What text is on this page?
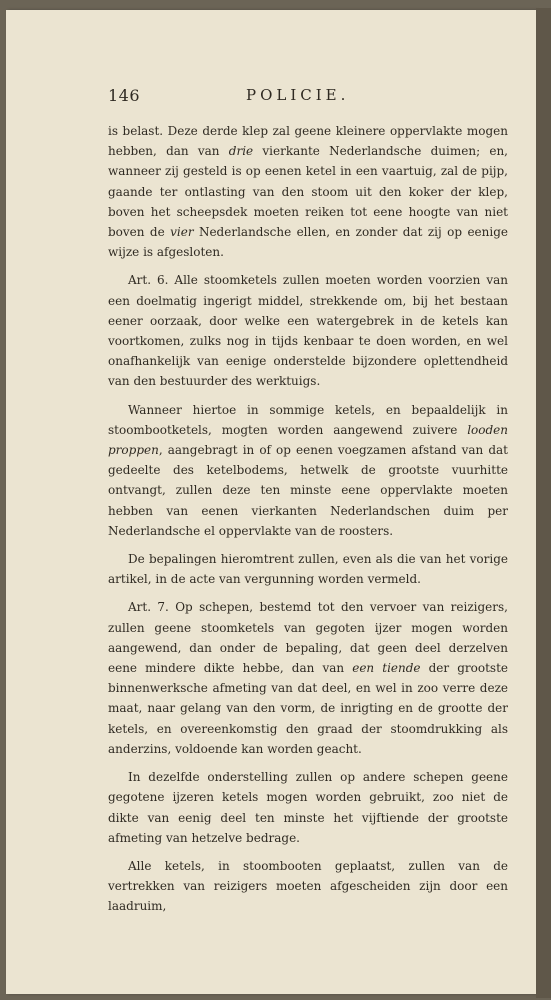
146	POLICIE.

is belast. Deze derde klep zal geene kleinere oppervlakte mogen hebben, dan van drie vierkante Nederlandsche duimen; en, wanneer zij gesteld is op eenen ketel in een vaartuig, zal de pijp, gaande ter ontlasting van den stoom uit den koker der klep, boven het scheepsdek moeten reiken tot eene hoogte van niet boven de vier Nederlandsche ellen, en zonder dat zij op eenige wijze is afgesloten.

Art. 6. Alle stoomketels zullen moeten worden voorzien van een doelmatig ingerigt middel, strekkende om, bij het bestaan eener oorzaak, door welke een watergebrek in de ketels kan voortkomen, zulks nog in tijds kenbaar te doen worden, en wel onafhankelijk van eenige onderstelde bijzondere oplettendheid van den bestuurder des werktuigs.

Wanneer hiertoe in sommige ketels, en bepaaldelijk in stoombootketels, mogten worden aangewend zuivere looden proppen, aangebragt in of op eenen voegzamen afstand van dat gedeelte des ketelbodems, hetwelk de grootste vuurhitte ontvangt, zullen deze ten minste eene oppervlakte moeten hebben van eenen vierkanten Nederlandschen duim per Nederlandsche el oppervlakte van de roosters.

De bepalingen hieromtrent zullen, even als die van het vorige artikel, in de acte van vergunning worden vermeld.

Art. 7. Op schepen, bestemd tot den vervoer van reizigers, zullen geene stoomketels van gegoten ijzer mogen worden aangewend, dan onder de bepaling, dat geen deel derzelven eene mindere dikte hebbe, dan van een tiende der grootste binnenwerksche afmeting van dat deel, en wel in zoo verre deze maat, naar gelang van den vorm, de inrigting en de grootte der ketels, en overeenkomstig den graad der stoomdrukking als anderzins, voldoende kan worden geacht.

In dezelfde onderstelling zullen op andere schepen geene gegotene ijzeren ketels mogen worden gebruikt, zoo niet de dikte van eenig deel ten minste het vijftiende der grootste afmeting van hetzelve bedrage.

Alle ketels, in stoombooten geplaatst, zullen van de vertrekken van reizigers moeten afgescheiden zijn door een laadruim,
